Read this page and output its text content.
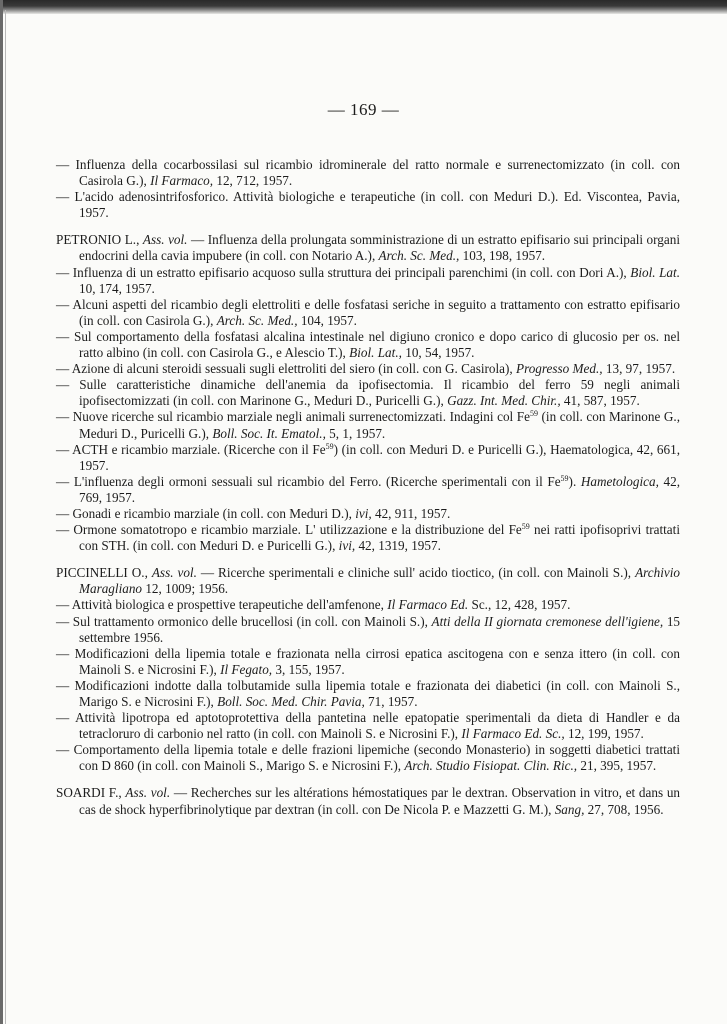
— 169 —

— Influenza della cocarbossilasi sul ricambio idrominerale del ratto normale e surrenectomizzato (in coll. con Casirola G.), Il Farmaco, 12, 712, 1957.

— L'acido adenosintrifosforico. Attività biologiche e terapeutiche (in coll. con Meduri D.). Ed. Viscontea, Pavia, 1957.

PETRONIO L., Ass. vol. — Influenza della prolungata somministrazione di un estratto epifisario sui principali organi endocrini della cavia impubere (in coll. con Notario A.), Arch. Sc. Med., 103, 198, 1957.

— Influenza di un estratto epifisario acquoso sulla struttura dei principali parenchimi (in coll. con Dori A.), Biol. Lat. 10, 174, 1957.

— Alcuni aspetti del ricambio degli elettroliti e delle fosfatasi seriche in seguito a trattamento con estratto epifisario (in coll. con Casirola G.), Arch. Sc. Med., 104, 1957.

— Sul comportamento della fosfatasi alcalina intestinale nel digiuno cronico e dopo carico di glucosio per os. nel ratto albino (in coll. con Casirola G., e Alescio T.), Biol. Lat., 10, 54, 1957.

— Azione di alcuni steroidi sessuali sugli elettroliti del siero (in coll. con G. Casirola), Progresso Med., 13, 97, 1957.

— Sulle caratteristiche dinamiche dell'anemia da ipofisectomia. Il ricambio del ferro 59 negli animali ipofisectomizzati (in coll. con Marinone G., Meduri D., Puricelli G.), Gazz. Int. Med. Chir., 41, 587, 1957.

— Nuove ricerche sul ricambio marziale negli animali surrenectomizzati. Indagini col Fe$^{59}$ (in coll. con Marinone G., Meduri D., Puricelli G.), Boll. Soc. It. Ematol., 5, 1, 1957.

— ACTH e ricambio marziale. (Ricerche con il Fe$^{59}$) (in coll. con Meduri D. e Puricelli G.), Haematologica, 42, 661, 1957.

— L'influenza degli ormoni sessuali sul ricambio del Ferro. (Ricerche sperimentali con il Fe$^{59}$). Hametologica, 42, 769, 1957.

— Gonadi e ricambio marziale (in coll. con Meduri D.), ivi, 42, 911, 1957.

— Ormone somatotropo e ricambio marziale. L' utilizzazione e la distribuzione del Fe$^{59}$ nei ratti ipofisoprivi trattati con STH. (in coll. con Meduri D. e Puricelli G.), ivi, 42, 1319, 1957.

PICCINELLI O., Ass. vol. — Ricerche sperimentali e cliniche sull' acido tioctico, (in coll. con Mainoli S.), Archivio Maragliano 12, 1009; 1956.

— Attività biologica e prospettive terapeutiche dell'amfenone, Il Farmaco Ed. Sc., 12, 428, 1957.

— Sul trattamento ormonico delle brucellosi (in coll. con Mainoli S.), Atti della II giornata cremonese dell'igiene, 15 settembre 1956.

— Modificazioni della lipemia totale e frazionata nella cirrosi epatica ascitogena con e senza ittero (in coll. con Mainoli S. e Nicrosini F.), Il Fegato, 3, 155, 1957.

— Modificazioni indotte dalla tolbutamide sulla lipemia totale e frazionata dei diabetici (in coll. con Mainoli S., Marigo S. e Nicrosini F.), Boll. Soc. Med. Chir. Pavia, 71, 1957.

— Attività lipotropa ed aptotoprotettiva della pantetina nelle epatopatie sperimentali da dieta di Handler e da tetracloruro di carbonio nel ratto (in coll. con Mainoli S. e Nicrosini F.), Il Farmaco Ed. Sc., 12, 199, 1957.

— Comportamento della lipemia totale e delle frazioni lipemiche (secondo Monasterio) in soggetti diabetici trattati con D 860 (in coll. con Mainoli S., Marigo S. e Nicrosini F.), Arch. Studio Fisiopat. Clin. Ric., 21, 395, 1957.

SOARDI F., Ass. vol. — Recherches sur les altérations hémostatiques par le dextran. Observation in vitro, et dans un cas de shock hyperfibrinolytique par dextran (in coll. con De Nicola P. e Mazzetti G. M.), Sang, 27, 708, 1956.
